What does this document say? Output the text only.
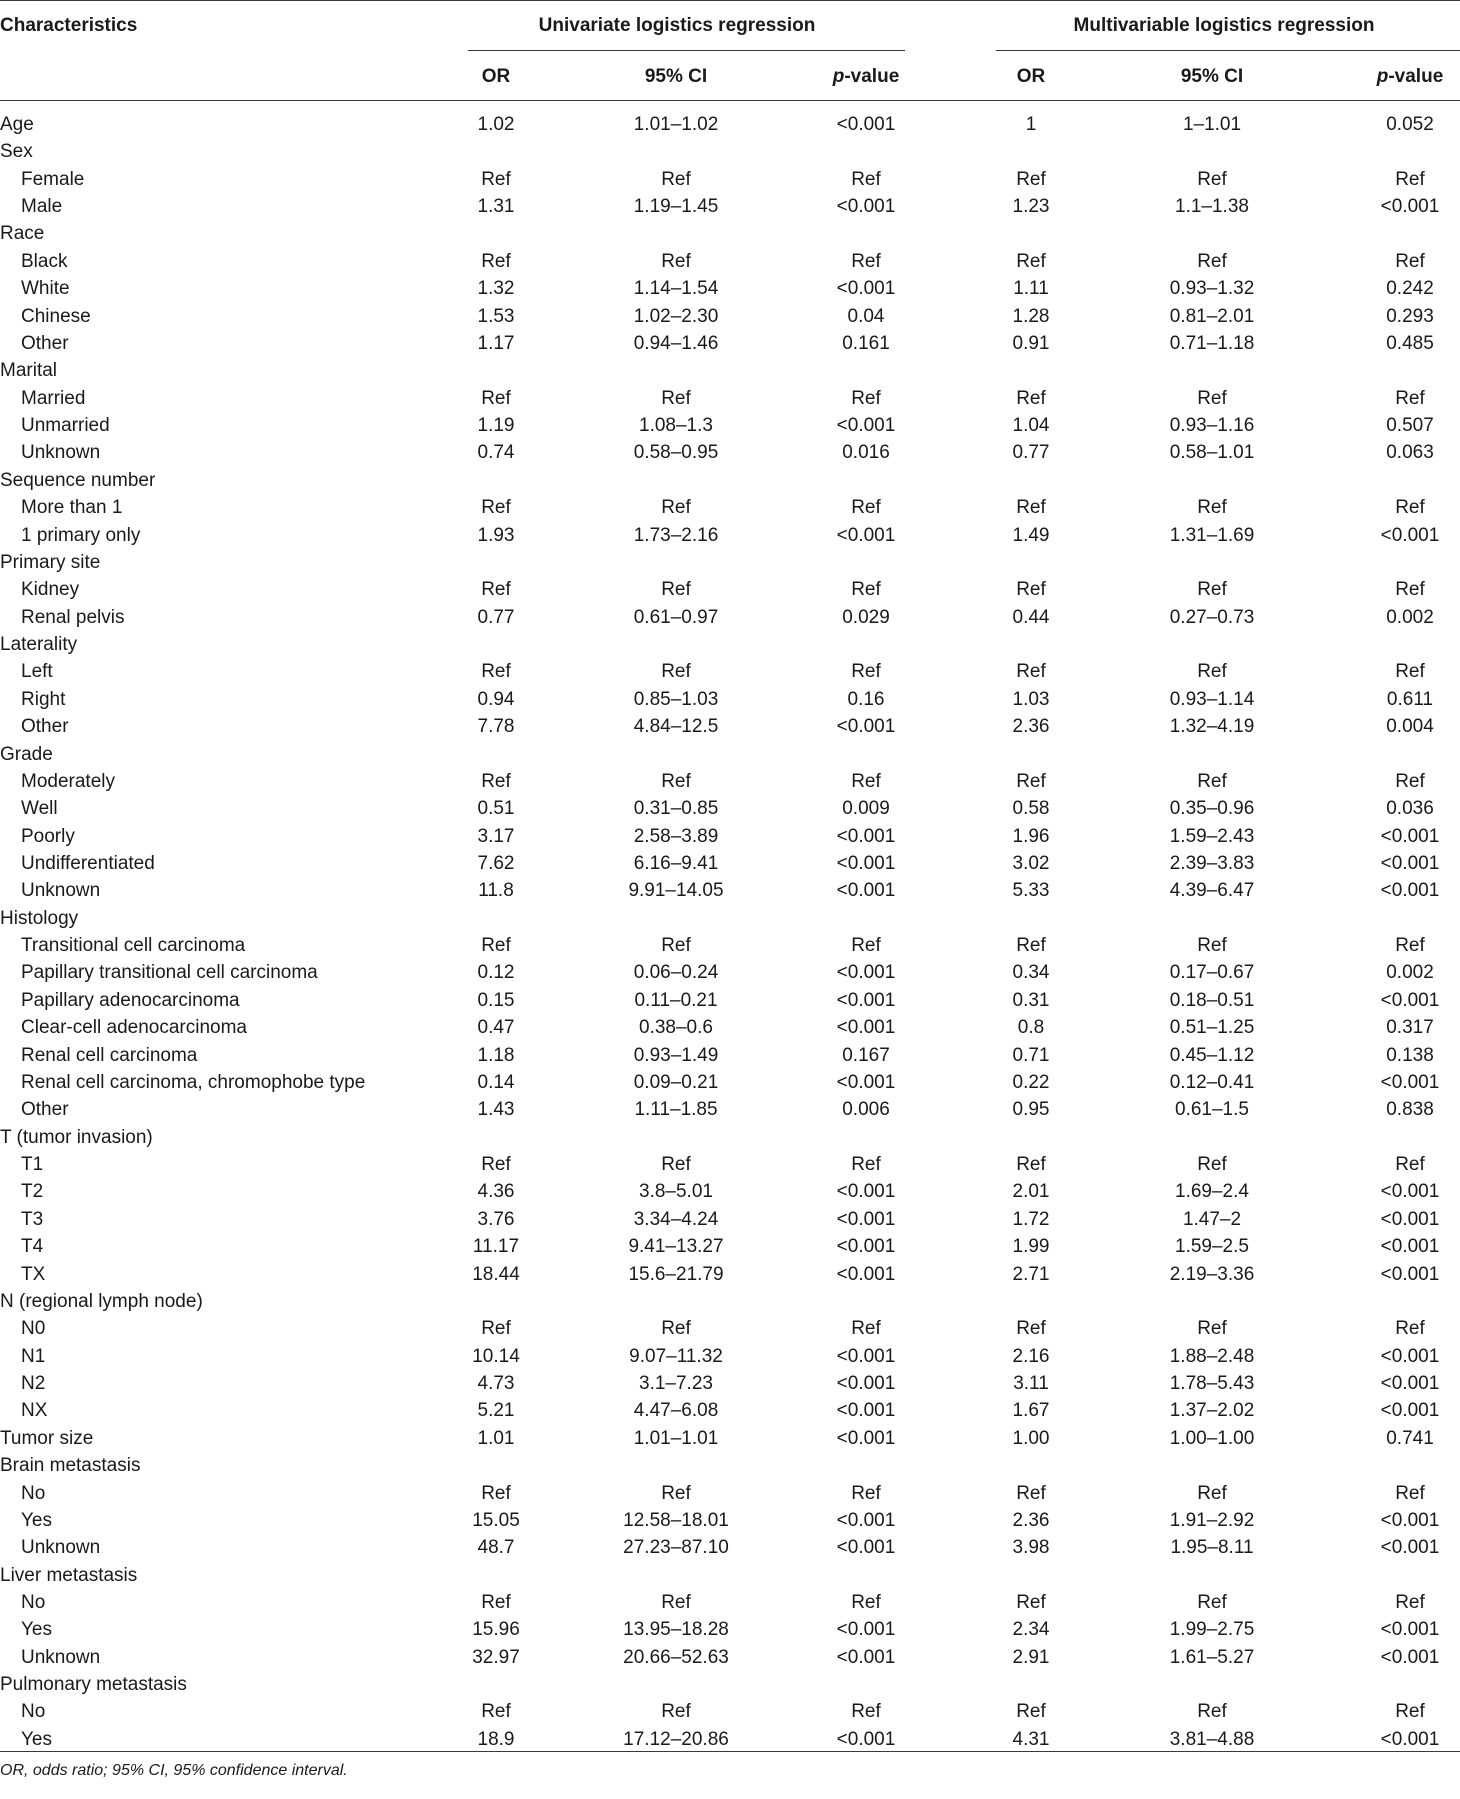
Characteristics	Univariate logistics regression	Multivariable logistics regression
OR	95% CI	p-value	OR	95% CI	p-value
Age	1.02	1.01–1.02	<0.001	1	1–1.01	0.052
Sex
Female	Ref	Ref	Ref	Ref	Ref	Ref
Male	1.31	1.19–1.45	<0.001	1.23	1.1–1.38	<0.001
Race
Black	Ref	Ref	Ref	Ref	Ref	Ref
White	1.32	1.14–1.54	<0.001	1.11	0.93–1.32	0.242
Chinese	1.53	1.02–2.30	0.04	1.28	0.81–2.01	0.293
Other	1.17	0.94–1.46	0.161	0.91	0.71–1.18	0.485
Marital
Married	Ref	Ref	Ref	Ref	Ref	Ref
Unmarried	1.19	1.08–1.3	<0.001	1.04	0.93–1.16	0.507
Unknown	0.74	0.58–0.95	0.016	0.77	0.58–1.01	0.063
Sequence number
More than 1	Ref	Ref	Ref	Ref	Ref	Ref
1 primary only	1.93	1.73–2.16	<0.001	1.49	1.31–1.69	<0.001
Primary site
Kidney	Ref	Ref	Ref	Ref	Ref	Ref
Renal pelvis	0.77	0.61–0.97	0.029	0.44	0.27–0.73	0.002
Laterality
Left	Ref	Ref	Ref	Ref	Ref	Ref
Right	0.94	0.85–1.03	0.16	1.03	0.93–1.14	0.611
Other	7.78	4.84–12.5	<0.001	2.36	1.32–4.19	0.004
Grade
Moderately	Ref	Ref	Ref	Ref	Ref	Ref
Well	0.51	0.31–0.85	0.009	0.58	0.35–0.96	0.036
Poorly	3.17	2.58–3.89	<0.001	1.96	1.59–2.43	<0.001
Undifferentiated	7.62	6.16–9.41	<0.001	3.02	2.39–3.83	<0.001
Unknown	11.8	9.91–14.05	<0.001	5.33	4.39–6.47	<0.001
Histology
Transitional cell carcinoma	Ref	Ref	Ref	Ref	Ref	Ref
Papillary transitional cell carcinoma	0.12	0.06–0.24	<0.001	0.34	0.17–0.67	0.002
Papillary adenocarcinoma	0.15	0.11–0.21	<0.001	0.31	0.18–0.51	<0.001
Clear-cell adenocarcinoma	0.47	0.38–0.6	<0.001	0.8	0.51–1.25	0.317
Renal cell carcinoma	1.18	0.93–1.49	0.167	0.71	0.45–1.12	0.138
Renal cell carcinoma, chromophobe type	0.14	0.09–0.21	<0.001	0.22	0.12–0.41	<0.001
Other	1.43	1.11–1.85	0.006	0.95	0.61–1.5	0.838
T (tumor invasion)
T1	Ref	Ref	Ref	Ref	Ref	Ref
T2	4.36	3.8–5.01	<0.001	2.01	1.69–2.4	<0.001
T3	3.76	3.34–4.24	<0.001	1.72	1.47–2	<0.001
T4	11.17	9.41–13.27	<0.001	1.99	1.59–2.5	<0.001
TX	18.44	15.6–21.79	<0.001	2.71	2.19–3.36	<0.001
N (regional lymph node)
N0	Ref	Ref	Ref	Ref	Ref	Ref
N1	10.14	9.07–11.32	<0.001	2.16	1.88–2.48	<0.001
N2	4.73	3.1–7.23	<0.001	3.11	1.78–5.43	<0.001
NX	5.21	4.47–6.08	<0.001	1.67	1.37–2.02	<0.001
Tumor size	1.01	1.01–1.01	<0.001	1.00	1.00–1.00	0.741
Brain metastasis
No	Ref	Ref	Ref	Ref	Ref	Ref
Yes	15.05	12.58–18.01	<0.001	2.36	1.91–2.92	<0.001
Unknown	48.7	27.23–87.10	<0.001	3.98	1.95–8.11	<0.001
Liver metastasis
No	Ref	Ref	Ref	Ref	Ref	Ref
Yes	15.96	13.95–18.28	<0.001	2.34	1.99–2.75	<0.001
Unknown	32.97	20.66–52.63	<0.001	2.91	1.61–5.27	<0.001
Pulmonary metastasis
No	Ref	Ref	Ref	Ref	Ref	Ref
Yes	18.9	17.12–20.86	<0.001	4.31	3.81–4.88	<0.001
OR, odds ratio; 95% CI, 95% confidence interval.
